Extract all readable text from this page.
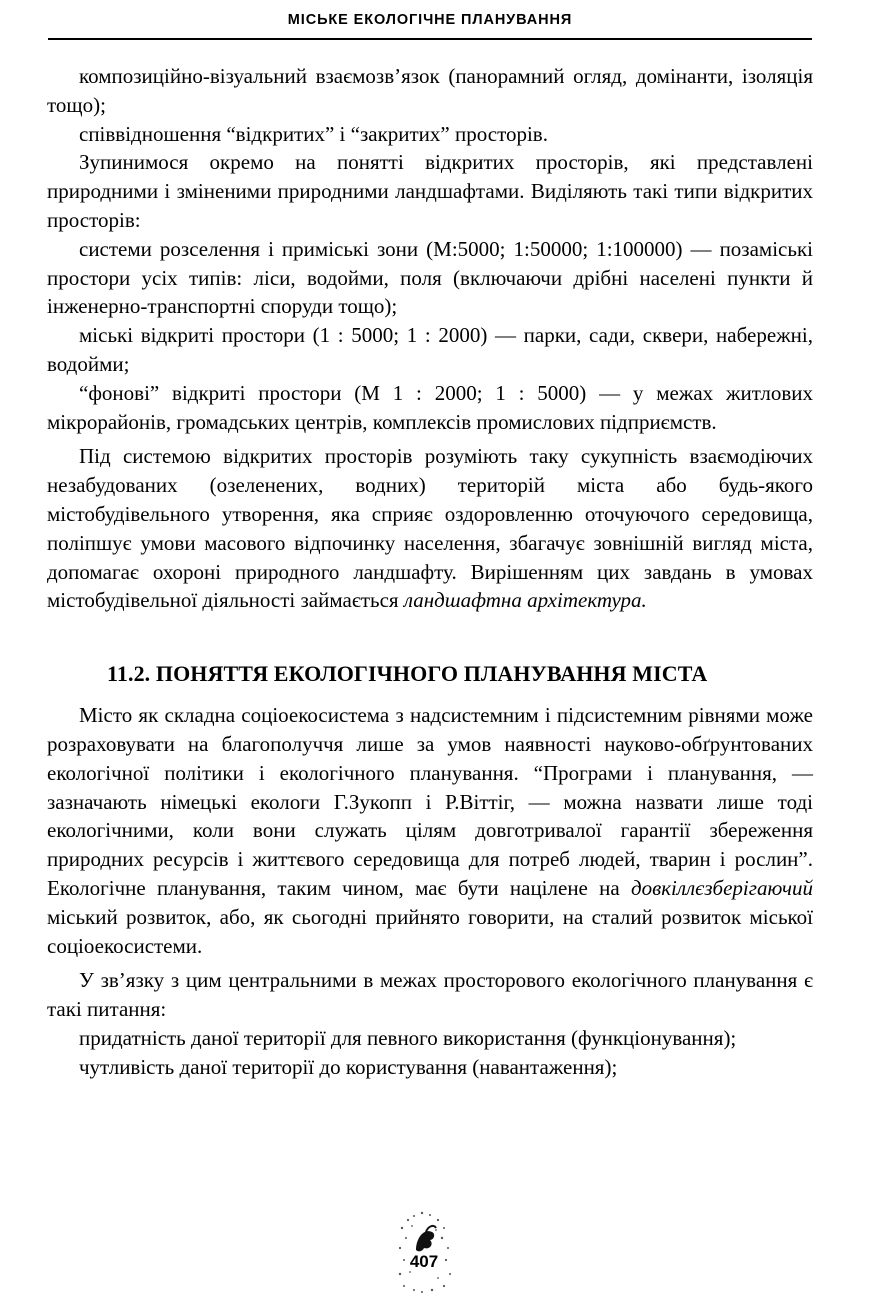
МІСЬКЕ ЕКОЛОГІЧНЕ ПЛАНУВАННЯ

композиційно-візуальний взаємозв’язок (панорамний огляд, домінанти, ізоляція тощо);

співвідношення “відкритих” і “закритих” просторів.

Зупинимося окремо на понятті відкритих просторів, які представлені природними і зміненими природними ландшафтами. Виділяють такі типи відкритих просторів:

системи розселення і приміські зони (М:5000; 1:50000; 1:100000) — позаміські простори усіх типів: ліси, водойми, поля (включаючи дрібні населені пункти й інженерно-транспортні споруди тощо);

міські відкриті простори (1 : 5000; 1 : 2000) — парки, сади, сквери, набережні, водойми;

“фонові” відкриті простори (М 1 : 2000; 1 : 5000) — у межах житлових мікрорайонів, громадських центрів, комплексів промислових підприємств.

Під системою відкритих просторів розуміють таку сукупність взаємодіючих незабудованих (озеленених, водних) територій міста або будь-якого містобудівельного утворення, яка сприяє оздоровленню оточуючого середовища, поліпшує умови масового відпочинку населення, збагачує зовнішній вигляд міста, допомагає охороні природного ландшафту. Вирішенням цих завдань в умовах містобудівельної діяльності займається ландшафтна архітектура.

11.2. ПОНЯТТЯ ЕКОЛОГІЧНОГО ПЛАНУВАННЯ МІСТА

Місто як складна соціоекосистема з надсистемним і підсистемним рівнями може розраховувати на благополуччя лише за умов наявності науково-обґрунтованих екологічної політики і екологічного планування. “Програми і планування, — зазначають німецькі екологи Г.Зукопп і Р.Віттіг, — можна назвати лише тоді екологічними, коли вони служать цілям довготривалої гарантії збереження природних ресурсів і життєвого середовища для потреб людей, тварин і рослин”. Екологічне планування, таким чином, має бути націлене на довкіллєзберігаючий міський розвиток, або, як сьогодні прийнято говорити, на сталий розвиток міської соціоекосистеми.

У зв’язку з цим центральними в межах просторового екологічного планування є такі питання:

придатність даної території для певного використання (функціонування);

чутливість даної території до користування (навантаження);

407
